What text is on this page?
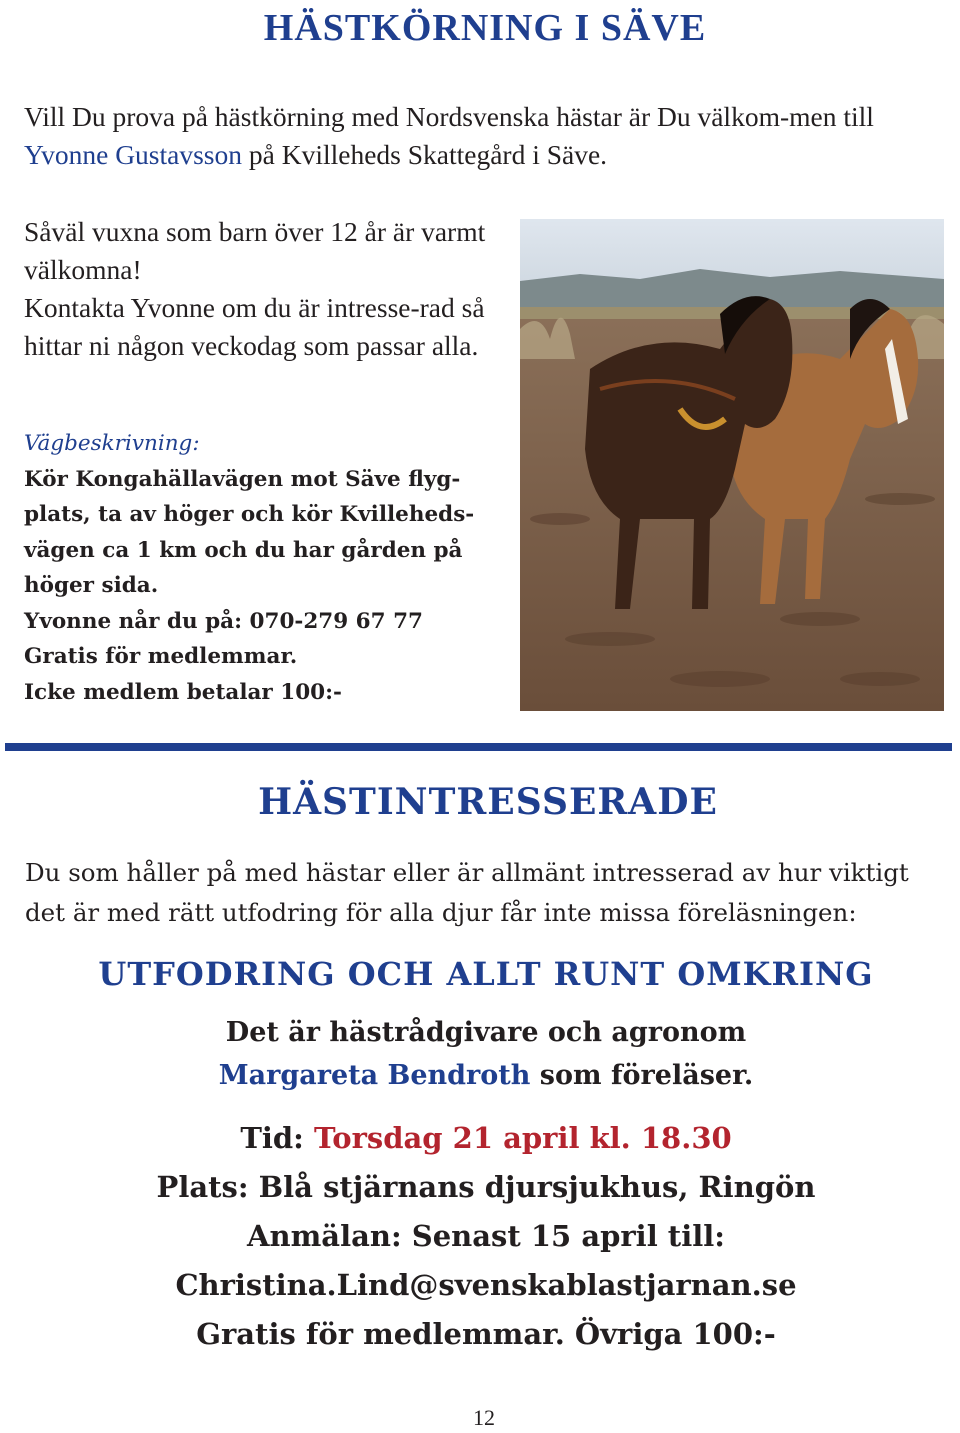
HÄSTKÖRNING I SÄVE

Vill Du prova på hästkörning med Nordsvenska hästar är Du välkom-men till Yvonne Gustavsson på Kvilleheds Skattegård i Säve.

Såväl vuxna som barn över 12 år är varmt välkomna!

Kontakta Yvonne om du är intresse-rad så hittar ni någon veckodag som passar alla.

Vägbeskrivning:
Kör Kongahällavägen mot Säve flyg-
plats, ta av höger och kör Kvilleheds-
vägen ca 1 km och du har gården på
höger sida.
Yvonne når du på: 070-279 67 77
Gratis för medlemmar.
Icke medlem betalar 100:-
HÄSTINTRESSERADE

Du som håller på med hästar eller är allmänt intresserad av hur viktigt
det är med rätt utfodring för alla djur får inte missa föreläsningen:

UTFODRING OCH ALLT RUNT OMKRING

Det är hästrådgivare och agronom

Margareta Bendroth som föreläser.

Tid: Torsdag 21 april kl. 18.30

Plats: Blå stjärnans djursjukhus, Ringön

Anmälan: Senast 15 april till:

Christina.Lind@svenskablastjarnan.se

Gratis för medlemmar. Övriga 100:-

12
